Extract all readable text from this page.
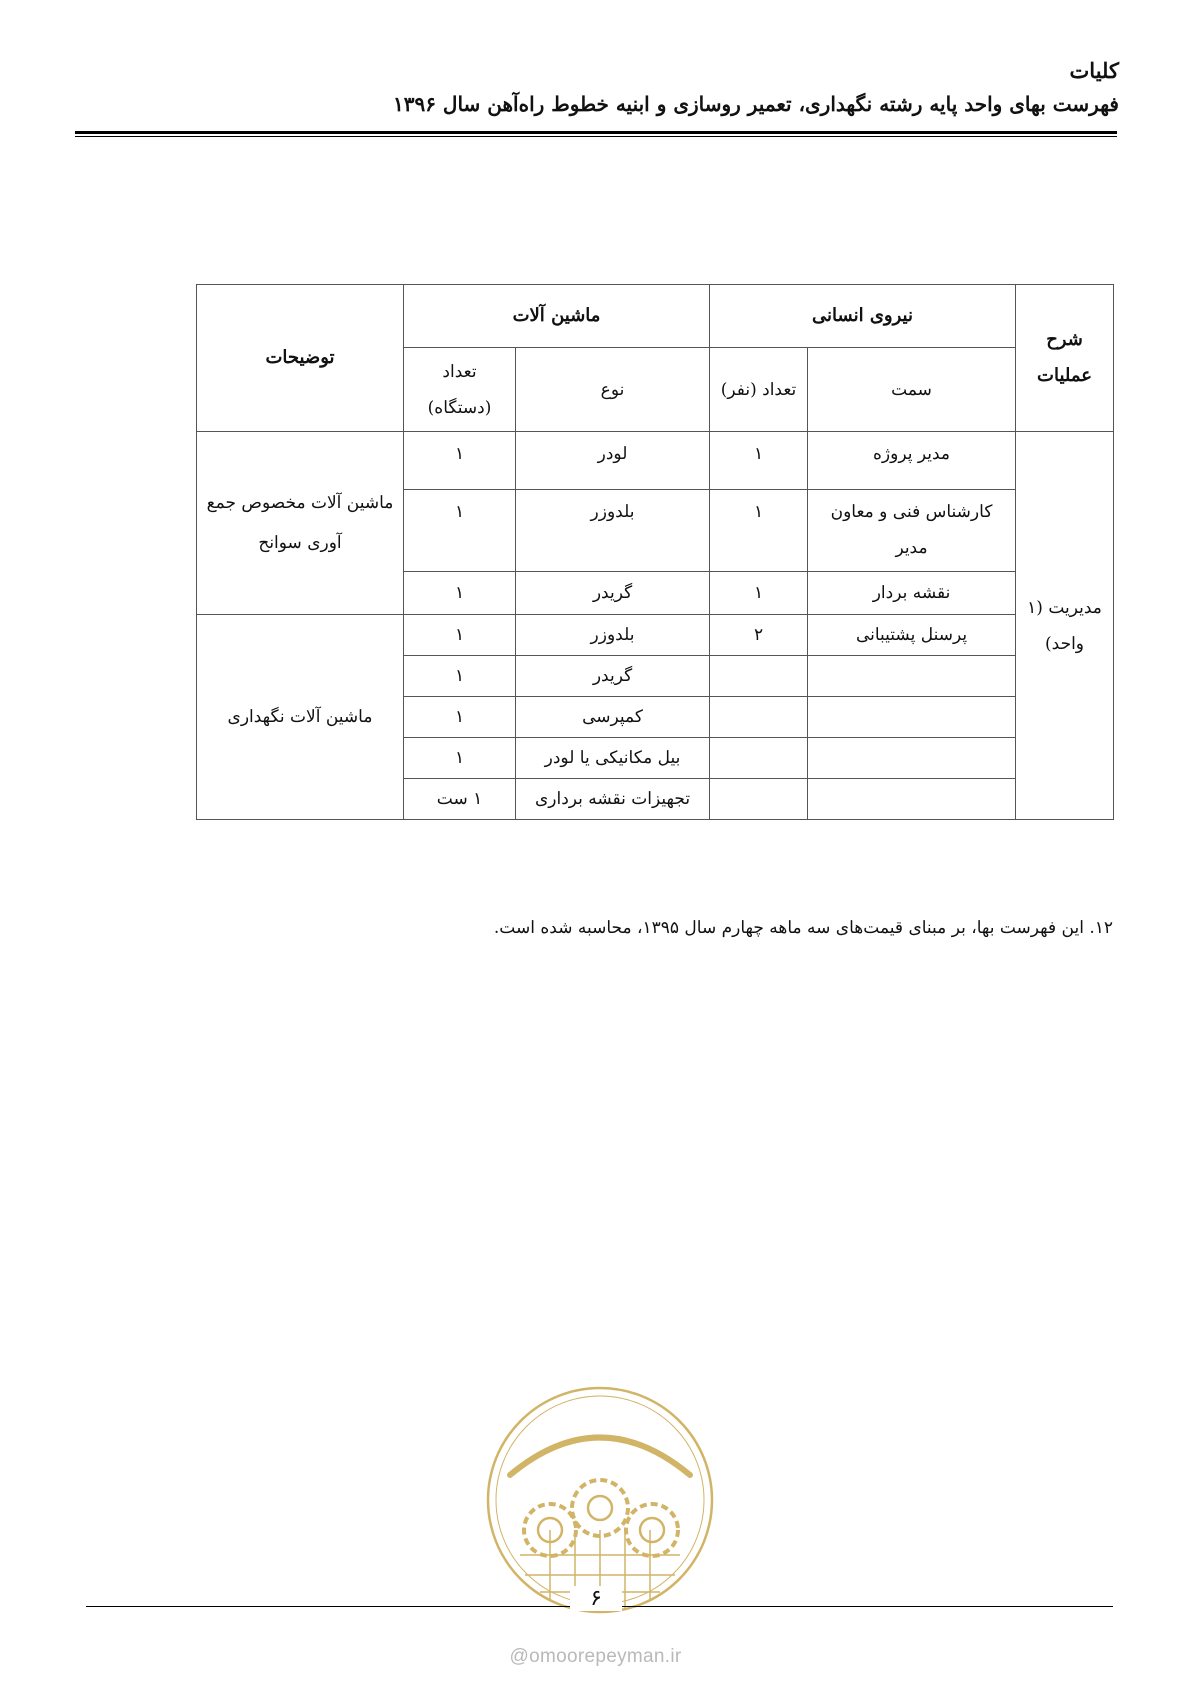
کلیات
فهرست بهای واحد پایه رشته نگهداری، تعمیر روسازی و ابنیه خطوط راه‌آهن سال ۱۳۹۶
شرح عملیات	نیروی انسانی		ماشین آلات		توضیحات
	سمت	تعداد (نفر)	نوع	تعداد (دستگاه)	
مدیریت (۱ واحد)	مدیر پروژه	۱	لودر	۱	ماشین آلات مخصوص جمع آوری سوانح
	کارشناس فنی و معاون مدیر	۱	بلدوزر	۱	
	نقشه بردار	۱	گریدر	۱	
	پرسنل پشتیبانی	۲	بلدوزر	۱	ماشین آلات نگهداری
			گریدر	۱	
			کمپرسی	۱	
			بیل مکانیکی یا لودر	۱	
			تجهیزات نقشه برداری	۱ ست	
۱۲. این فهرست بها، بر مبنای قیمت‌های سه ماهه چهارم سال ۱۳۹۵، محاسبه شده است.
۶
@omoorepeyman.ir
